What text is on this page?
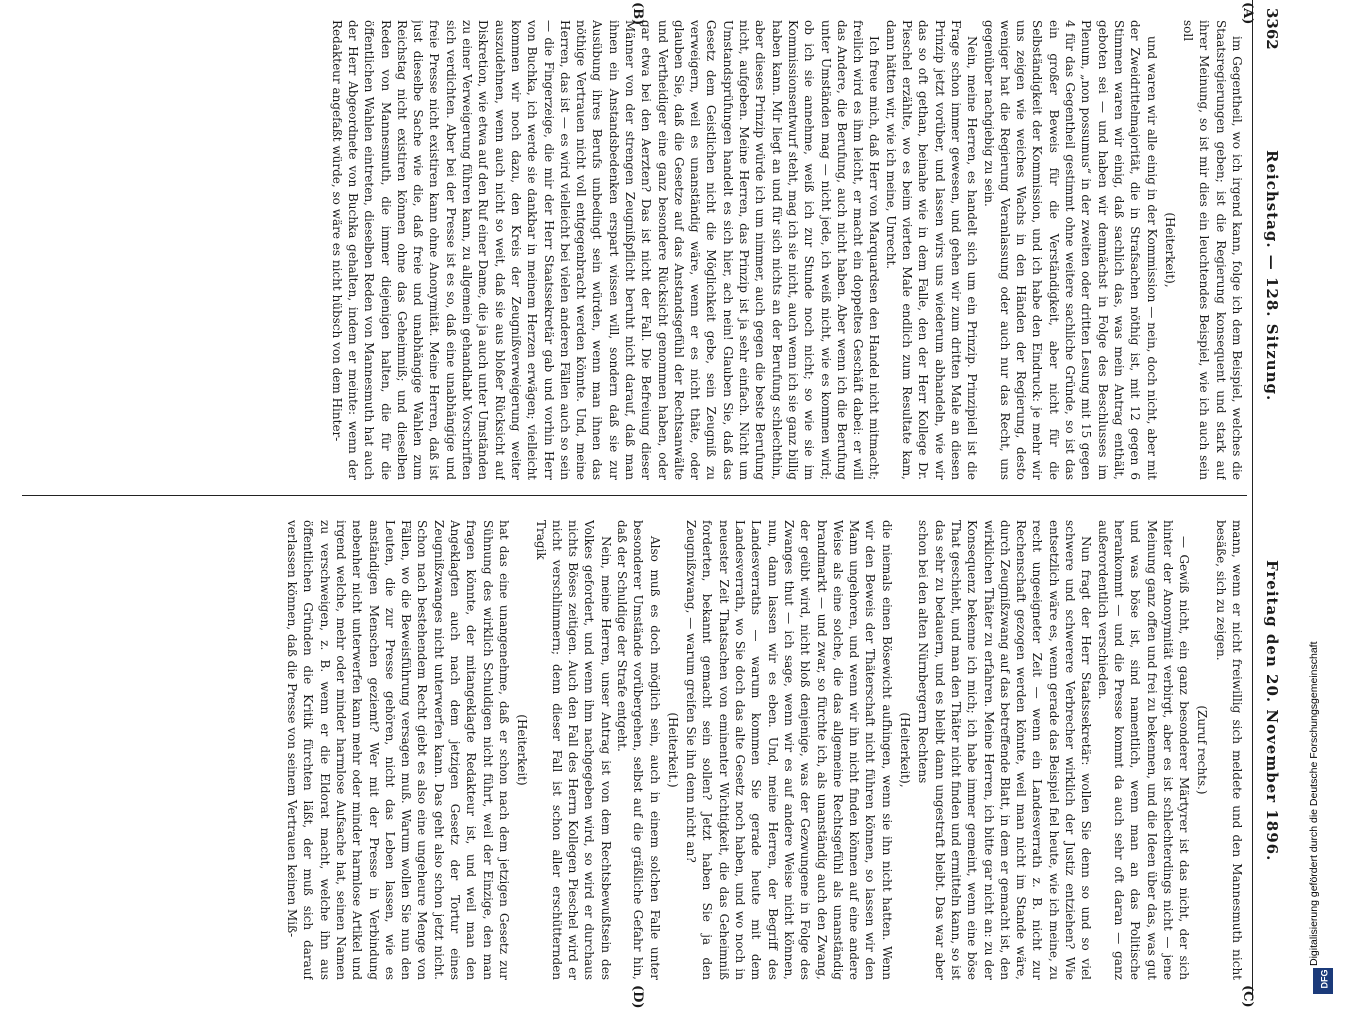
3362
Reichstag. — 128. Sitzung.
Freitag den 20. November 1896.
(A)
(B)
(C)
(D)

im Gegentheil, wo ich irgend kann, folge ich dem Beispiel, welches die Staatsregierungen geben; ist die Regierung konsequent und stark auf ihrer Meinung, so ist mir dies ein leuchtendes Beispiel, wie ich auch sein soll

(Heiterkeit),

und waren wir alle einig in der Kommission — nein, doch nicht, aber mit der Zweidrittelmajorität, die in Strafsachen nöthig ist, mit 12 gegen 6 Stimmen waren wir einig, daß sachlich das, was mein Antrag enthält, geboten sei — und haben wir demnächst in Folge des Beschlusses im Plenum, „non possumus“ in der zweiten oder dritten Lesung mit 15 gegen 4 für das Gegentheil gestimmt ohne weitere sachliche Gründe, so ist das ein großer Beweis für die Verständigkeit, aber nicht für die Selbständigkeit der Kommission, und ich habe den Eindruck: je mehr wir uns zeigen wie weiches Wachs in den Händen der Regierung, desto weniger hat die Regierung Veranlassung oder auch nur das Recht, uns gegenüber nachgiebig zu sein.

Nein, meine Herren, es handelt sich um ein Prinzip. Prinzipiell ist die Frage schon immer gewesen, und gehen wir zum dritten Male an diesen Prinzip jetzt vorüber, und lassen wirs uns wiederum abhandeln, wie wir das so oft gethan, beinahe wie in dem Falle, den der Herr Kollege Dr. Pieschel erzählte, wo es beim vierten Male endlich zum Resultate kam, dann hätten wir, wie ich meine, Unrecht.

Ich freue mich, daß Herr von Marquardsen den Handel nicht mitmacht; freilich wird es ihm leicht, er macht ein doppeltes Geschäft dabei: er will das Andere, die Berufung, auch nicht haben. Aber wenn ich die Berufung unter Umständen mag — nicht jede, ich weiß nicht, wie es kommen wird; ob ich sie annehme, weiß ich zur Stunde noch nicht; so wie sie im Kommissionsentwurf steht, mag ich sie nicht, auch wenn ich sie ganz billig haben kann. Mir liegt an und für sich nichts an der Berufung schlechthin, aber dieses Prinzip würde ich um nimmer, auch gegen die beste Berufung nicht, aufgeben. Meine Herren, das Prinzip ist ja sehr einfach. Nicht um Umstandsprüfungen handelt es sich hier, ach nein! Glauben Sie, daß das Gesetz dem Geistlichen nicht die Möglichkeit gebe, sein Zeugniß zu verweigern, weil es unanständig wäre, wenn er es nicht thäte, oder glauben Sie, daß die Gesetze auf das Anstandsgefühl der Rechtsanwälte und Vertheidiger eine ganz besondere Rücksicht genommen haben, oder gar etwa bei den Aerzten? Das ist nicht der Fall. Die Befreiung dieser Männer von der strengen Zeugnißpflicht beruht nicht darauf, daß man ihnen ein Anstandsbedenken erspart wissen will, sondern daß sie zur Ausübung ihres Berufs unbedingt sein würden, wenn man ihnen das nöthige Vertrauen nicht voll entgegenbracht werden könnte. Und, meine Herren, das ist — es wird vielleicht bei vielen anderen Fällen auch so sein — die Fingerzeige, die mir der Herr Staatssekretär gab und vorhin Herr von Buchka, ich werde sie dankbar in meinem Herzen erwägen; vielleicht kommen wir noch dazu, den Kreis der Zeugnißverweigerung weiter auszudehnen, wenn auch nicht so weit, daß sie aus bloßer Rücksicht auf Diskretion, wie etwa auf den Ruf einer Dame, die ja auch unter Umständen zu einer Verweigerung führen kann, zu allgemein gehandhabt Vorschriften sich verdichten. Aber bei der Presse ist es so, daß eine unabhängige und freie Presse nicht existiren kann ohne Anonymität. Meine Herren, daß ist just dieselbe Sache wie die, daß freie und unabhängige Wahlen zum Reichstag nicht existiren können ohne das Geheimniß; und dieselben Reden von Mannesmuth, die immer diejenigen halten, die für die öffentlichen Wahlen eintreten, dieselben Reden von Mannesmuth hat auch der Herr Abgeordnete von Buchka gehalten, indem er meinte: wenn der Redakteur angefaßt würde, so wäre es nicht hübsch von dem Hinter-

mann, wenn er nicht freiwillig sich meldete und den Mannesmuth nicht besäße, sich zu zeigen.

(Zuruf rechts.)

— Gewiß nicht, ein ganz besonderer Märtyrer ist das nicht, der sich hinter der Anonymität verbirgt, aber es ist schlechterdings nicht — jene Meinung ganz offen und frei zu bekennen, und die Ideen über das, was gut und was böse ist, sind namentlich, wenn man an das Politische herankommt — und die Presse kommt da auch sehr oft daran — ganz außerordentlich verschieden.

Nun fragt der Herr Staatssekretär: wollen Sie denn so und so viel schwere und schwerere Verbrecher wirklich der Justiz entziehen? Wie entsetzlich wäre es, wenn gerade das Beispiel fiel heute, wie ich meine, zu recht ungeeigneter Zeit — wenn ein Landesverrath z. B. nicht zur Rechenschaft gezogen werden könnte, weil man nicht im Stande wäre, durch Zeugnißzwang auf das betreffende Blatt, in dem er gemacht ist, den wirklichen Thäter zu erfahren. Meine Herren, ich bitte gar nicht an: zu der Konsequenz bekenne ich mich; ich habe immer gemeint, wenn eine böse That geschieht, und man den Thäter nicht finden und ermitteln kann, so ist das sehr zu bedauern, und es bleibt dann ungestraft bleibt. Das war aber schon bei den alten Nürnbergern Rechtens

(Heiterkeit),

die niemals einen Bösewicht aufhingen, wenn sie ihn nicht hatten. Wenn wir den Beweis der Thäterschaft nicht führen können, so lassen wir den Mann ungehoren, und wenn wir ihn nicht finden können auf eine andere Weise als eine solche, die das allgemeine Rechtsgefühl als unanständig brandmarkt — und zwar, so fürchte ich, als unanständig auch den Zwang, der geübt wird, nicht bloß denjenige, was der Gezwungene in Folge des Zwanges thut — ich sage, wenn wir es auf andere Weise nicht können, nun, dann lassen wir es eben. Und, meine Herren, der Begriff des Landesverraths — warum kommen Sie gerade heute mit dem Landesverrath, wo Sie doch das alte Gesetz noch haben, und wo noch in neuester Zeit Thatsachen von eminenter Wichtigkeit, die das Geheimniß forderten, bekannt gemacht sein sollen? Jetzt haben Sie ja den Zeugnißzwang, — warum greifen Sie ihn denn nicht an?

(Heiterkeit.)

Also muß es doch möglich sein, auch in einem solchen Falle unter besonderer Umstände vorübergehen, selbst auf die gräßliche Gefahr hin, daß der Schuldige der Strafe entgeht.

Nein, meine Herren, unser Antrag ist von dem Rechtsbewußtsein des Volkes gefordert, und wenn ihm nachgegeben wird, so wird er durchaus nichts Böses zeitigen. Auch den Fall des Herrn Kollegen Pieschel wird er nicht verschlimmern; denn dieser Fall ist schon aller erschütternden Tragik

(Heiterkeit)

hat das eine unangenehme, daß er schon nach dem jetzigen Gesetz zur Sühnung des wirklich Schuldigen nicht führt, weil der Einzige, den man fragen könnte, der mitangeklagte Redakteur ist, und weil man den Angeklagten auch nach dem jetzigen Gesetz der Tortur eines Zeugnißzwanges nicht unterwerfen kann. Das geht also schon jetzt nicht. Schon nach bestehendem Recht giebt es also eine ungeheure Menge von Fällen, wo die Beweisführung versagen muß. Warum wollen Sie nun den Leuten, die zur Presse gehören, nicht das Leben lassen, wie es anständigen Menschen geziemt? Wer mit der Presse in Verbindung nebenher nicht unterwerfen kann mehr oder minder harmlose Artikel und irgend welche, mehr oder minder harmlose Aufsache hat, seinen Namen zu verschweigen, z. B. wenn er die Eldorat macht, welche ihn aus öffentlichen Gründen die Kritik fürchten läßt, der muß sich darauf verlassen können, daß die Presse von seinem Vertrauen keinen Miß-	Digitalisierung gefördert durch die Deutsche Forschungsgemeinschaft
DFG
